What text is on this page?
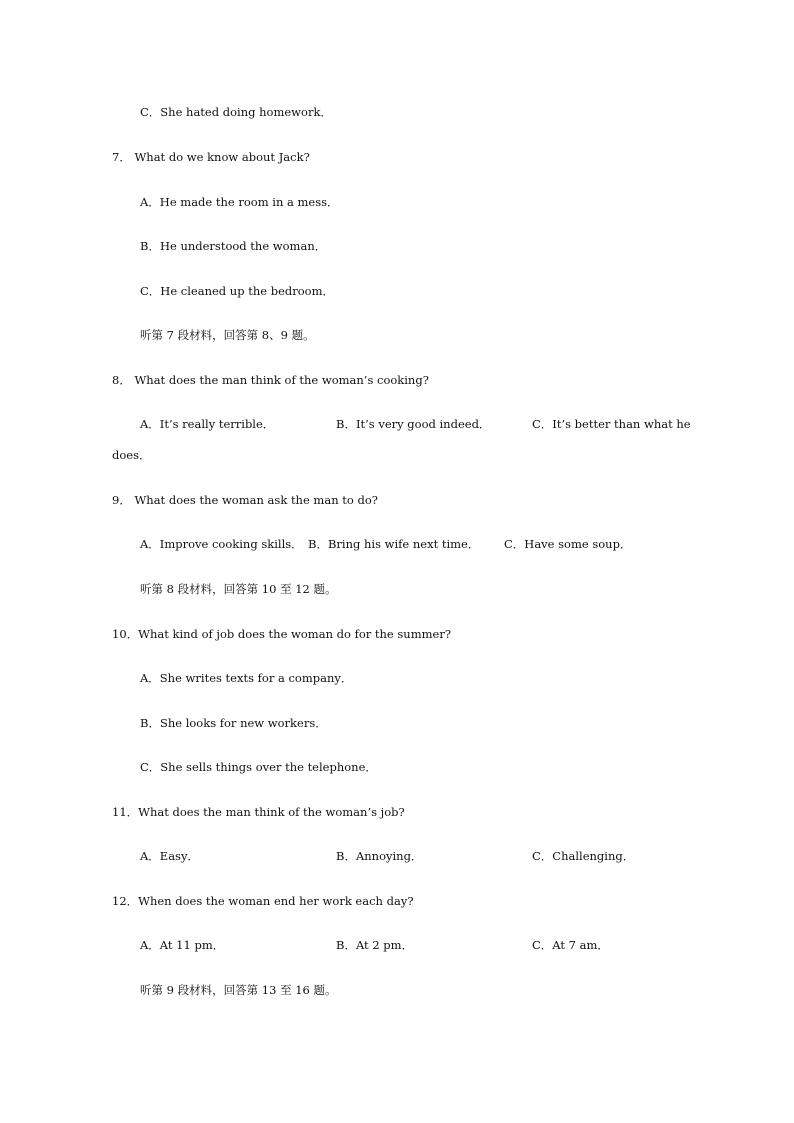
C．She hated doing homework．
7． What do we know about Jack?
A．He made the room in a mess．
B．He understood the woman．
C．He cleaned up the bedroom．
听第 7 段材料，回答第 8、9 题。
8． What does the man think of the woman’s cooking?
A．It’s really terrible．	B．It’s very good indeed．	C．It’s better than what he
does．
9． What does the woman ask the man to do?
A．Improve cooking skills． B．Bring his wife next time． C．Have some soup．
听第 8 段材料，回答第 10 至 12 题。
10．What kind of job does the woman do for the summer?
A．She writes texts for a company．
B．She looks for new workers．
C．She sells things over the telephone．
11．What does the man think of the woman’s job?
A．Easy．	B．Annoying．	C．Challenging．
12．When does the woman end her work each day?
A．At 11 pm．	B．At 2 pm．	C．At 7 am．
听第 9 段材料，回答第 13 至 16 题。
